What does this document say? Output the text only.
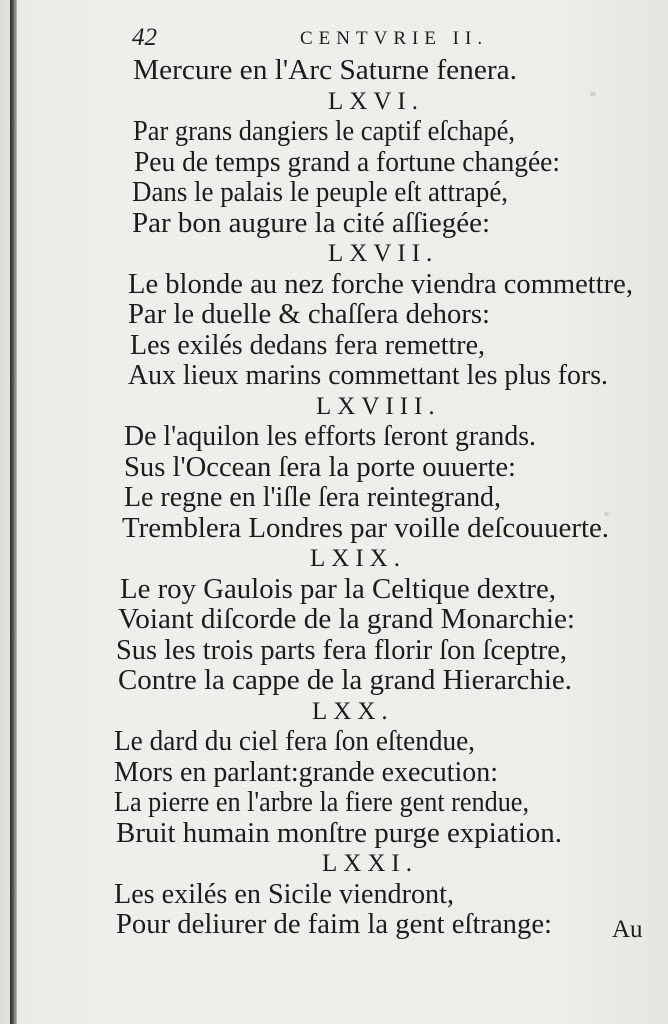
42	CENTVRIE II.
Mercure en l'Arc Saturne fenera.
LXVI.
Par grans dangiers le captif eſchapé,
Peu de temps grand a fortune changée:
Dans le palais le peuple eſt attrapé,
Par bon augure la cité aſſiegée:
LXVII.
Le blonde au nez forche viendra commettre,
Par le duelle & chaſſera dehors:
Les exilés dedans fera remettre,
Aux lieux marins commettant les plus fors.
LXVIII.
De l'aquilon les efforts ſeront grands.
Sus l'Occean ſera la porte ouuerte:
Le regne en l'iſle ſera reintegrand,
Tremblera Londres par voille deſcouuerte.
LXIX.
Le roy Gaulois par la Celtique dextre,
Voiant diſcorde de la grand Monarchie:
Sus les trois parts fera florir ſon ſceptre,
Contre la cappe de la grand Hierarchie.
LXX.
Le dard du ciel fera ſon eſtendue,
Mors en parlant:grande execution:
La pierre en l'arbre la fiere gent rendue,
Bruit humain monſtre purge expiation.
LXXI.
Les exilés en Sicile viendront,
Pour deliurer de faim la gent eſtrange: Au
